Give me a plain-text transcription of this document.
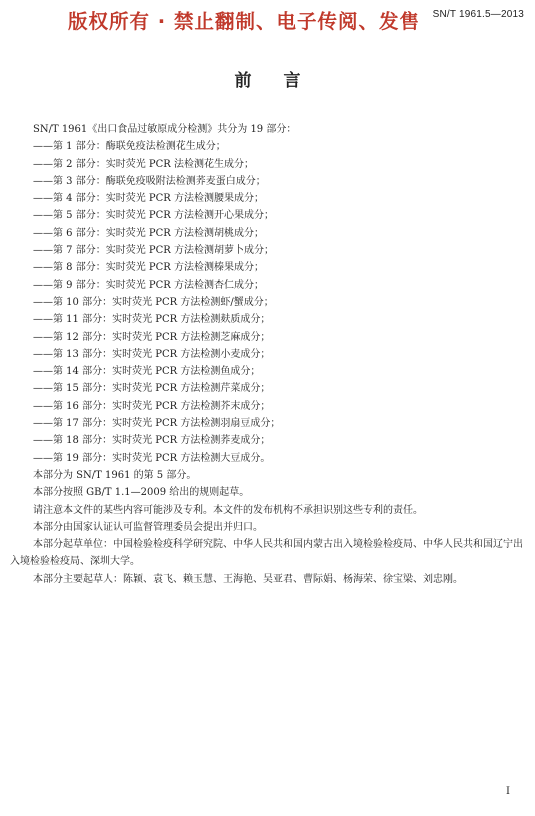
SN/T 1961.5—2013
版权所有 · 禁止翻制、电子传阅、发售
前言
SN/T 1961《出口食品过敏原成分检测》共分为 19 部分：
——第 1 部分：酶联免疫法检测花生成分；
——第 2 部分：实时荧光 PCR 法检测花生成分；
——第 3 部分：酶联免疫吸附法检测荞麦蛋白成分；
——第 4 部分：实时荧光 PCR 方法检测腰果成分；
——第 5 部分：实时荧光 PCR 方法检测开心果成分；
——第 6 部分：实时荧光 PCR 方法检测胡桃成分；
——第 7 部分：实时荧光 PCR 方法检测胡萝卜成分；
——第 8 部分：实时荧光 PCR 方法检测榛果成分；
——第 9 部分：实时荧光 PCR 方法检测杏仁成分；
——第 10 部分：实时荧光 PCR 方法检测虾/蟹成分；
——第 11 部分：实时荧光 PCR 方法检测麸质成分；
——第 12 部分：实时荧光 PCR 方法检测芝麻成分；
——第 13 部分：实时荧光 PCR 方法检测小麦成分；
——第 14 部分：实时荧光 PCR 方法检测鱼成分；
——第 15 部分：实时荧光 PCR 方法检测芹菜成分；
——第 16 部分：实时荧光 PCR 方法检测芥末成分；
——第 17 部分：实时荧光 PCR 方法检测羽扇豆成分；
——第 18 部分：实时荧光 PCR 方法检测荞麦成分；
——第 19 部分：实时荧光 PCR 方法检测大豆成分。
本部分为 SN/T 1961 的第 5 部分。
本部分按照 GB/T 1.1—2009 给出的规则起草。
请注意本文件的某些内容可能涉及专利。本文件的发布机构不承担识别这些专利的责任。
本部分由国家认证认可监督管理委员会提出并归口。
本部分起草单位：中国检验检疫科学研究院、中华人民共和国内蒙古出入境检验检疫局、中华人民共和国辽宁出入境检验检疫局、深圳大学。
本部分主要起草人：陈颖、袁飞、赖玉慧、王海艳、吴亚君、曹际娟、杨海荣、徐宝梁、刘忠刚。
I
